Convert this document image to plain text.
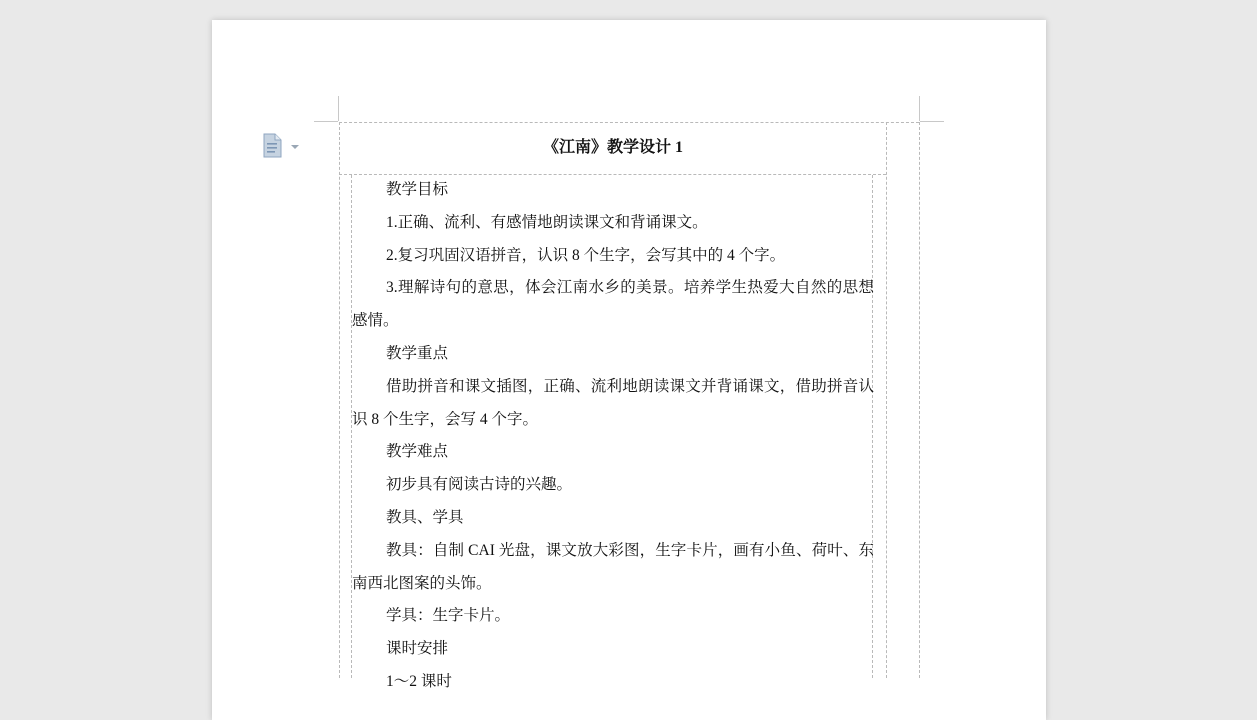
《江南》教学设计 1

教学目标

1.正确、流利、有感情地朗读课文和背诵课文。

2.复习巩固汉语拼音，认识 8 个生字，会写其中的 4 个字。

3.理解诗句的意思，体会江南水乡的美景。培养学生热爱大自然的思想感情。

教学重点

借助拼音和课文插图，正确、流利地朗读课文并背诵课文，借助拼音认识 8 个生字，会写 4 个字。

教学难点

初步具有阅读古诗的兴趣。

教具、学具

教具：自制 CAI 光盘，课文放大彩图，生字卡片，画有小鱼、荷叶、东南西北图案的头饰。

学具：生字卡片。

课时安排

1～2 课时
